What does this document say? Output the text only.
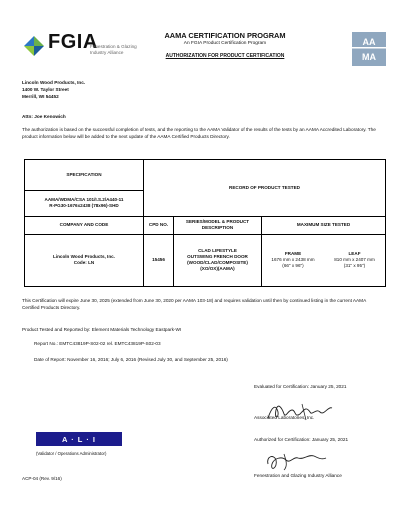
FGIA
Fenestration & Glazing Industry Alliance
AAMA CERTIFICATION PROGRAM
An FGIA Product Certification Program
AUTHORIZATION FOR PRODUCT CERTIFICATION
AA
MA
Lincoln Wood Products, Inc.
1400 W. Taylor Street
Merrill, WI 54452
Attn: Joe Kenowich
The authorization is based on the successful completion of tests, and the reporting to the AAMA Validator of the results of the tests by an AAMA Accredited Laboratory. The product information below will be added to the next update of the AAMA Certified Products Directory.
SPECIFICATION
AAMA/WDMA/CSA 101/I.S.2/A440-11
R-PG30-1676x2438 (78x96)-SHD
RECORD OF PRODUCT TESTED
COMPANY AND CODE	CPD NO.
SERIES/MODEL & PRODUCT DESCRIPTION
MAXIMUM SIZE TESTED
Lincoln Wood Products, Inc.
Code: LN
15456
CLAD LIFESTYLE
OUTSWING FRENCH DOOR
(WOOD/CLAD/COMPOSITE)
(XO/OX)(AAMA)
FRAME
1676 mm x 2438 mm
(66" x 96")
LEAF
810 mm x 2407 mm
(31" x 95")
This Certification will expire June 30, 2025 (extended from June 30, 2020 per AAMA 103-18) and requires validation until then by continued listing in the current AAMA Certified Products Directory.
Product Tested and Reported by: Element Materials Technology Eastpark-WI
Report No.: EMTC43819P-S02-02 rel. EMTC43819P-S02-03
Date of Report: November 16, 2016; July 6, 2016 (Revised July 30, and September 25, 2016)
Evaluated for Certification: January 25, 2021
Associated Laboratories, Inc.
Authorized for Certification: January 25, 2021
Fenestration and Glazing Industry Alliance
A · L · I
(Validator / Operations Administrator)
ACP-04 (Rev. 9/16)
